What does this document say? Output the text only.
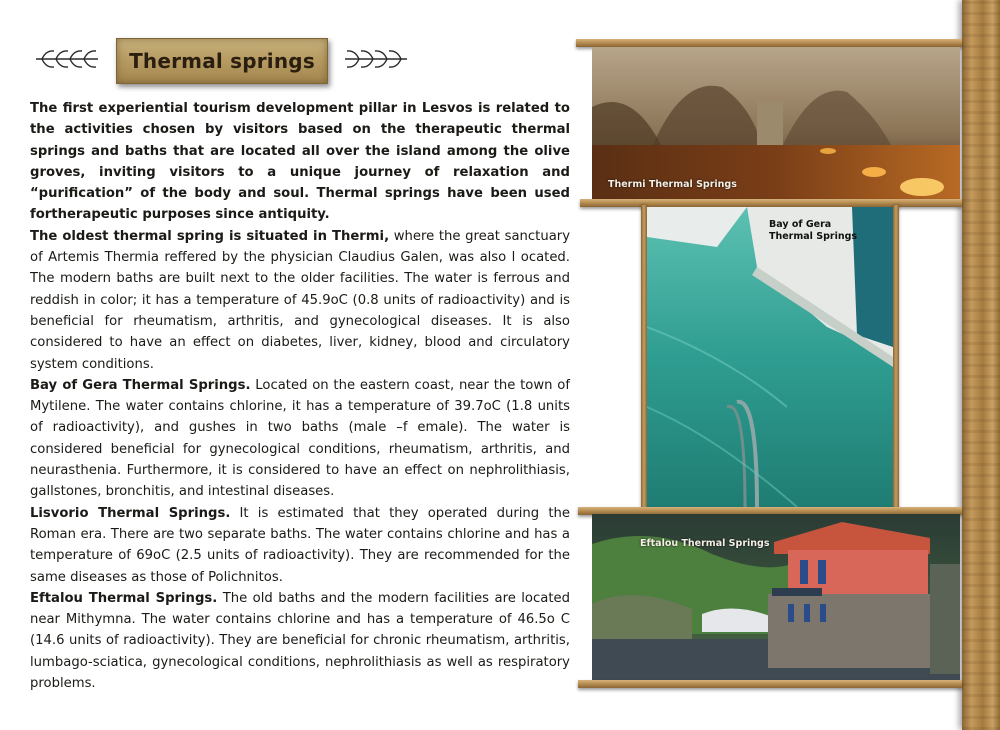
Thermal springs

The first experiential tourism development pillar in Lesvos is related to the activities chosen by visitors based on the therapeutic thermal springs and baths that are located all over the island among the olive groves, inviting visitors to a unique journey of relaxation and “purification” of the body and soul. Thermal springs have been used fortherapeutic purposes since antiquity.

The oldest thermal spring is situated in Thermi, where the great sanctuary of Artemis Thermia reffered by the physician Claudius Galen, was also l ocated. The modern baths are built next to the older facilities. The water is ferrous and reddish in color; it has a temperature of 45.9oC (0.8 units of radioactivity) and is beneficial for rheumatism, arthritis, and gynecological diseases. It is also considered to have an effect on diabetes, liver, kidney, blood and circulatory system conditions.

Bay of Gera Thermal Springs. Located on the eastern coast, near the town of Mytilene. The water contains chlorine, it has a temperature of 39.7oC (1.8 units of radioactivity), and gushes in two baths (male –f emale). The water is considered beneficial for gynecological conditions, rheumatism, arthritis, and neurasthenia. Furthermore, it is considered to have an effect on nephrolithiasis, gallstones, bronchitis, and intestinal diseases.

Lisvorio Thermal Springs. It is estimated that they operated during the Roman era. There are two separate baths. The water contains chlorine and has a temperature of 69oC (2.5 units of radioactivity). They are recommended for the same diseases as those of Polichnitos.

Eftalou Thermal Springs. The old baths and the modern facilities are located near Mithymna. The water contains chlorine and has a temperature of 46.5o C (14.6 units of radioactivity). They are beneficial for chronic rheumatism, arthritis, lumbago-sciatica, gynecological conditions, nephrolithiasis as well as respiratory problems.

Thermi Thermal Springs
Bay of Gera
Thermal Springs
Eftalou Thermal Springs
